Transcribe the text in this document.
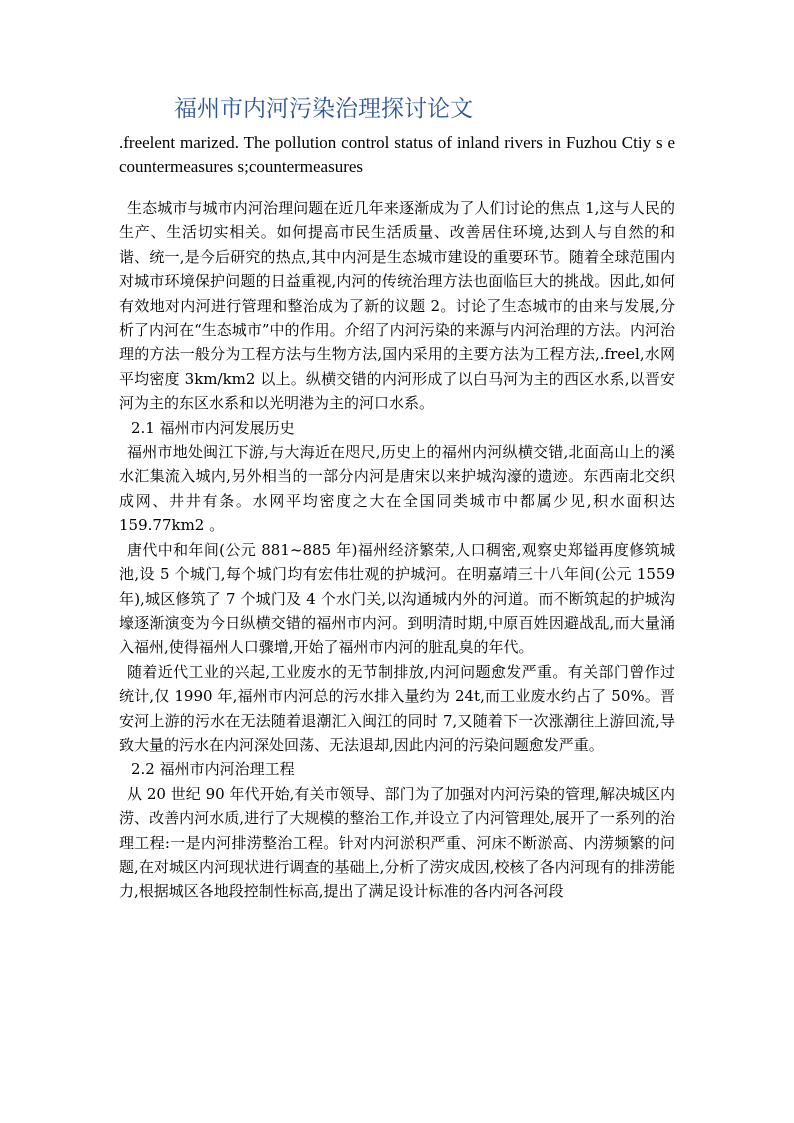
福州市内河污染治理探讨论文
.freelent marized. The pollution control status of inland rivers in Fuzhou Ctiy s e countermeasures s;countermeasures

生态城市与城市内河治理问题在近几年来逐渐成为了人们讨论的焦点 1,这与人民的生产、生活切实相关。如何提高市民生活质量、改善居住环境,达到人与自然的和谐、统一,是今后研究的热点,其中内河是生态城市建设的重要环节。随着全球范围内对城市环境保护问题的日益重视,内河的传统治理方法也面临巨大的挑战。因此,如何有效地对内河进行管理和整治成为了新的议题 2。讨论了生态城市的由来与发展,分析了内河在“生态城市”中的作用。介绍了内河污染的来源与内河治理的方法。内河治理的方法一般分为工程方法与生物方法,国内采用的主要方法为工程方法,.freel,水网平均密度 3km/km2 以上。纵横交错的内河形成了以白马河为主的西区水系,以晋安河为主的东区水系和以光明港为主的河口水系。

2.1 福州市内河发展历史

福州市地处闽江下游,与大海近在咫尺,历史上的福州内河纵横交错,北面高山上的溪水汇集流入城内,另外相当的一部分内河是唐宋以来护城沟濠的遗迹。东西南北交织成网、井井有条。水网平均密度之大在全国同类城市中都属少见,积水面积达 159.77km2 。

唐代中和年间(公元 881~885 年)福州经济繁荣,人口稠密,观察史郑镒再度修筑城池,设 5 个城门,每个城门均有宏伟壮观的护城河。在明嘉靖三十八年间(公元 1559 年),城区修筑了 7 个城门及 4 个水门关,以沟通城内外的河道。而不断筑起的护城沟壕逐渐演变为今日纵横交错的福州市内河。到明清时期,中原百姓因避战乱,而大量涌入福州,使得福州人口骤增,开始了福州市内河的脏乱臭的年代。

随着近代工业的兴起,工业废水的无节制排放,内河问题愈发严重。有关部门曾作过统计,仅 1990 年,福州市内河总的污水排入量约为 24t,而工业废水约占了 50%。晋安河上游的污水在无法随着退潮汇入闽江的同时 7,又随着下一次涨潮往上游回流,导致大量的污水在内河深处回荡、无法退却,因此内河的污染问题愈发严重。

2.2 福州市内河治理工程

从 20 世纪 90 年代开始,有关市领导、部门为了加强对内河污染的管理,解决城区内涝、改善内河水质,进行了大规模的整治工作,并设立了内河管理处,展开了一系列的治理工程:一是内河排涝整治工程。针对内河淤积严重、河床不断淤高、内涝频繁的问题,在对城区内河现状进行调查的基础上,分析了涝灾成因,校核了各内河现有的排涝能力,根据城区各地段控制性标高,提出了满足设计标准的各内河各河段
